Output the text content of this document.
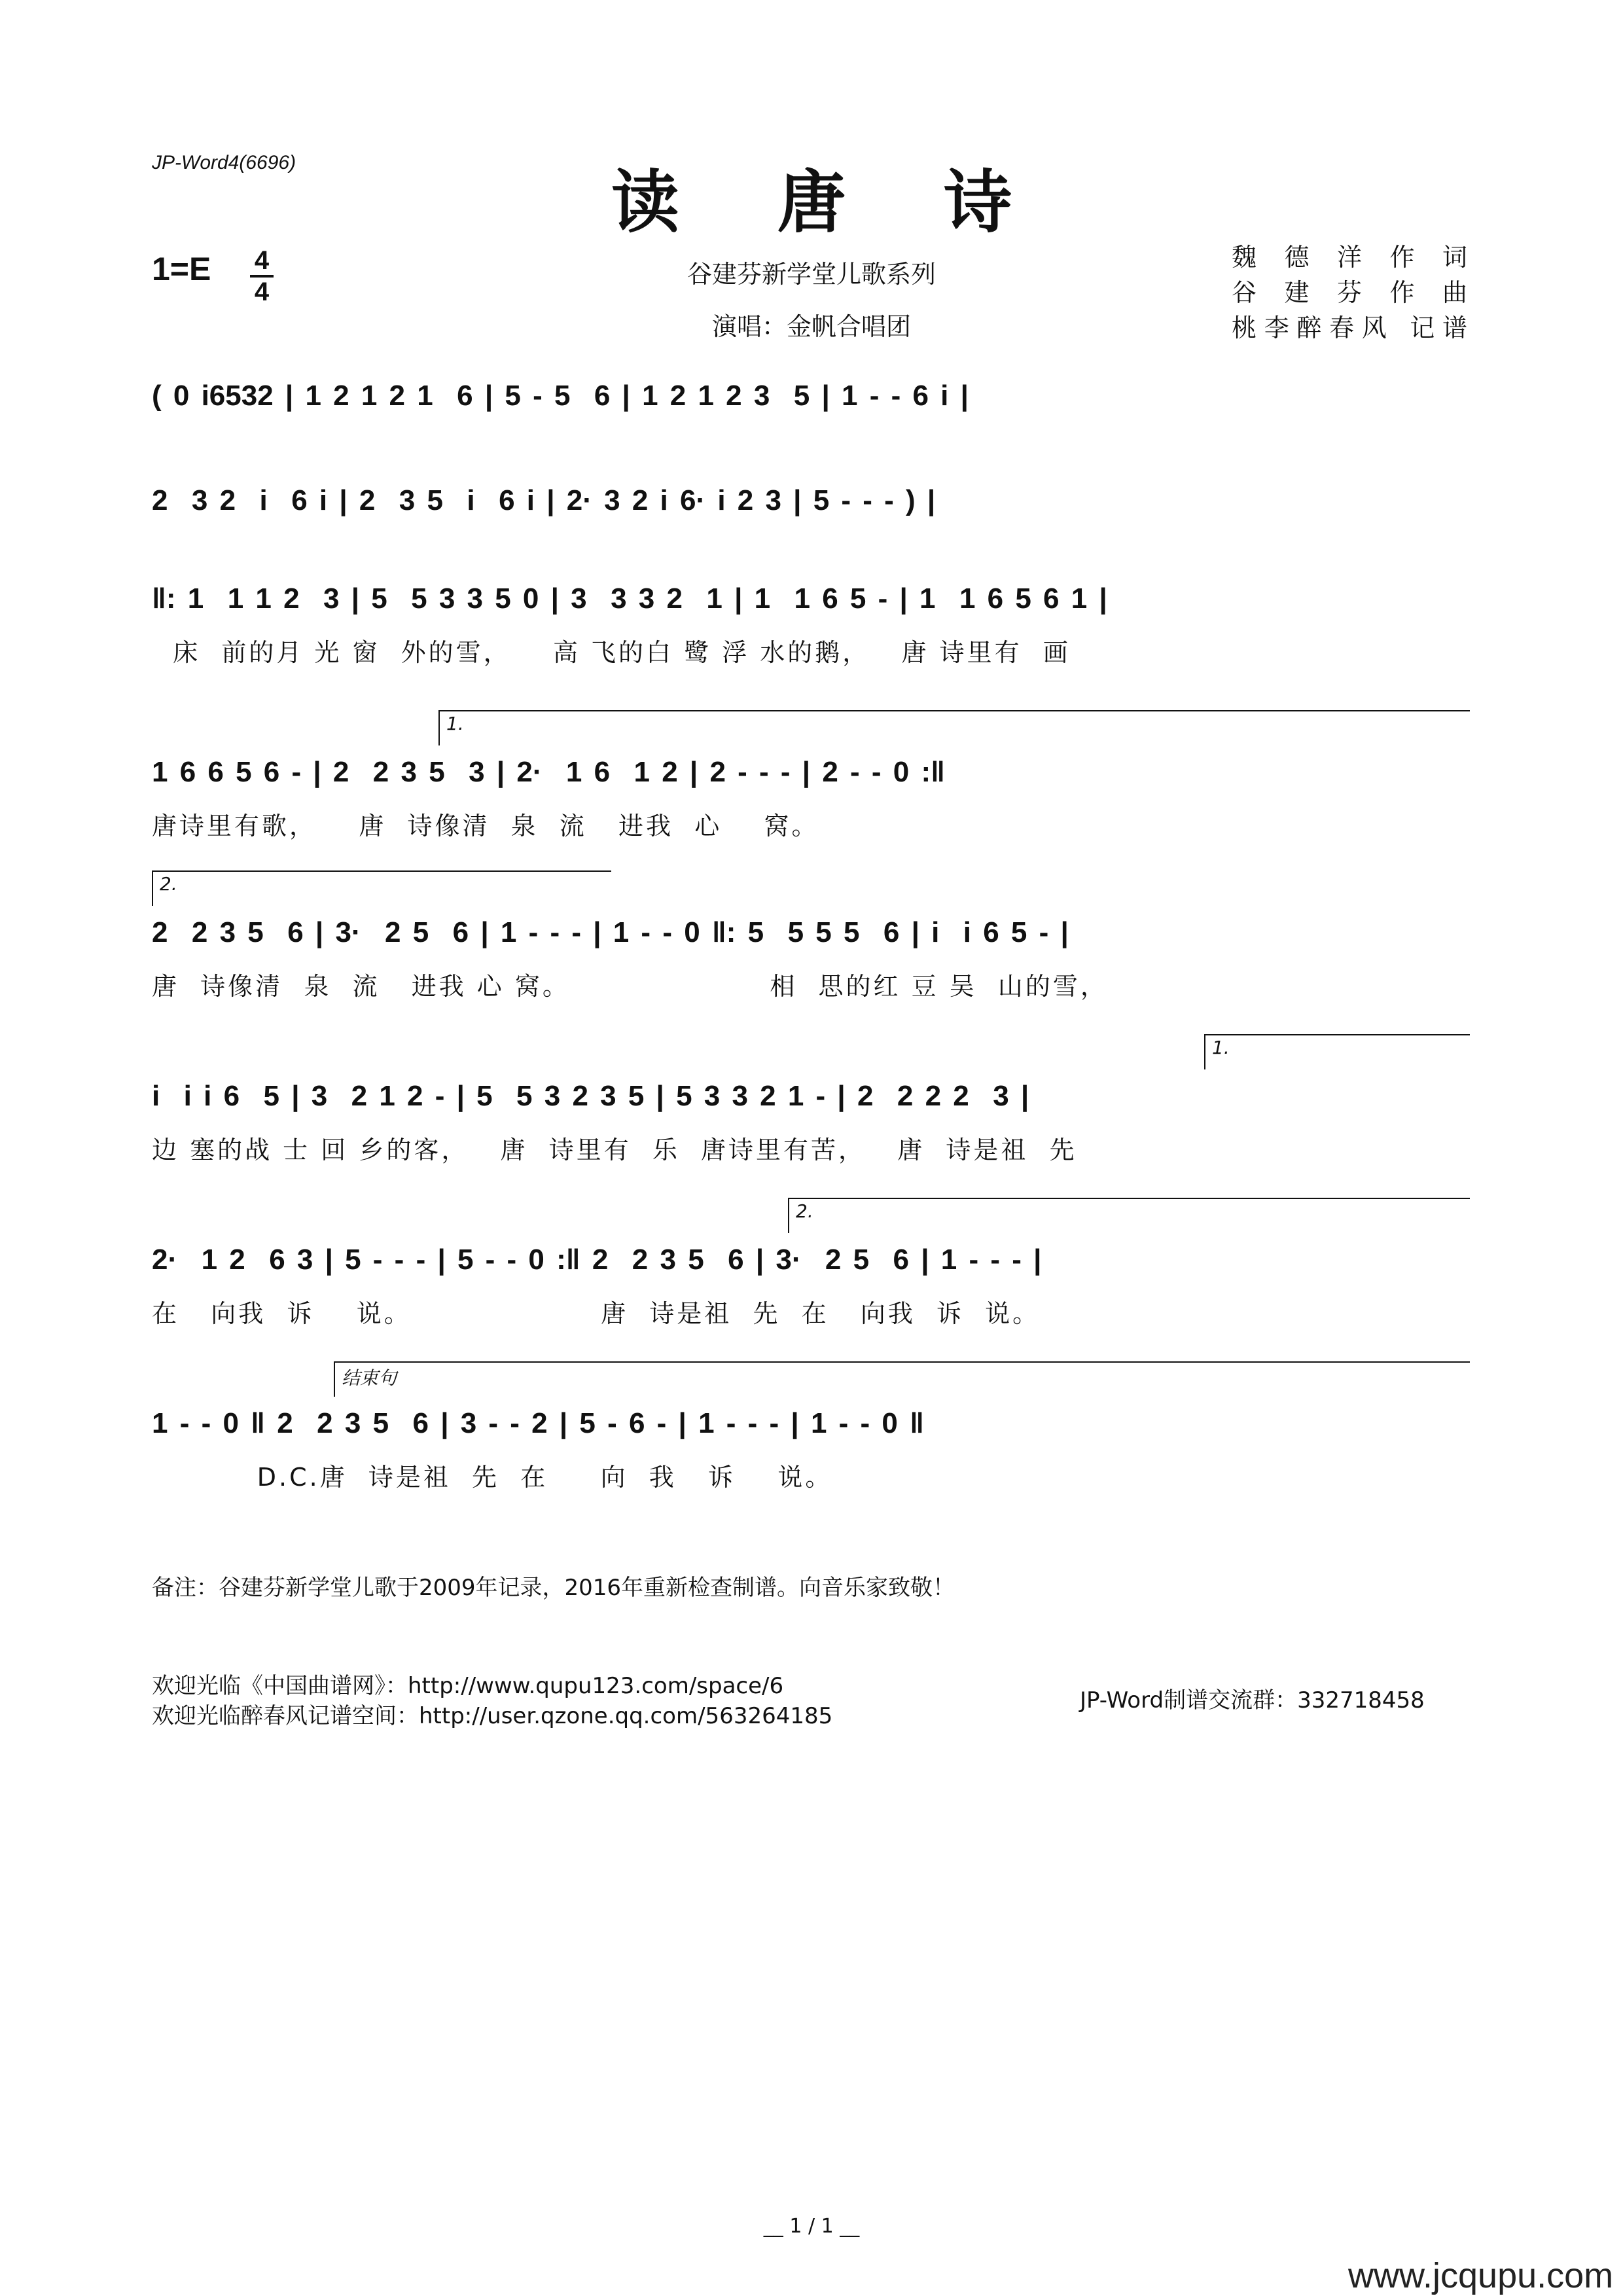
JP-Word4(6696)	读唐诗
1=E 4
4
谷建芬新学堂儿歌系列
演唱：金帆合唱团
魏德洋作词
谷建芬作曲
桃李醉春风 记谱
( 0 i6532 | 1 2 1 2 1  6 | 5 - 5  6 | 1 2 1 2 3  5 | 1 - - 6 i |
2  3 2  i  6 i | 2  3 5  i  6 i | 2· 3 2 i 6· i 2 3 | 5 - - - ) |
‖: 1  1 1 2  3 | 5  5 3 3 5 0 | 3  3 3 2  1 | 1  1 6 5 - | 1  1 6 5 6 1 |
床  前的月 光 窗  外的雪，    高 飞的白 鹭 浮 水的鹅，   唐 诗里有  画
1.
1 6 6 5 6 - | 2  2 3 5  3 | 2·  1 6  1 2 | 2 - - - | 2 - - 0 :‖
唐诗里有歌，    唐  诗像清  泉  流   进我  心    窝。
2.
2  2 3 5  6 | 3·  2 5  6 | 1 - - - | 1 - - 0 ‖: 5  5 5 5  6 | i  i 6 5 - |
唐  诗像清  泉  流   进我 心 窝。                   相  思的红 豆 吴  山的雪，
1.
i  i i 6  5 | 3  2 1 2 - | 5  5 3 2 3 5 | 5 3 3 2 1 - | 2  2 2 2  3 |
边 塞的战 士 回 乡的客，   唐  诗里有  乐  唐诗里有苦，   唐  诗是祖  先
2.
2·  1 2  6 3 | 5 - - - | 5 - - 0 :‖ 2  2 3 5  6 | 3·  2 5  6 | 1 - - - |
在   向我  诉    说。                  唐  诗是祖  先  在   向我  诉  说。
结束句
1 - - 0 ‖ 2  2 3 5  6 | 3 - - 2 | 5 - 6 - | 1 - - - | 1 - - 0 ‖
D.C.唐  诗是祖  先  在     向  我   诉    说。
备注：谷建芬新学堂儿歌于2009年记录，2016年重新检查制谱。向音乐家致敬！
欢迎光临《中国曲谱网》：http://www.qupu123.com/space/6
欢迎光临醉春风记谱空间：http://user.qzone.qq.com/563264185
JP-Word制谱交流群：332718458
__ 1 / 1 __
www.jcqupu.com
